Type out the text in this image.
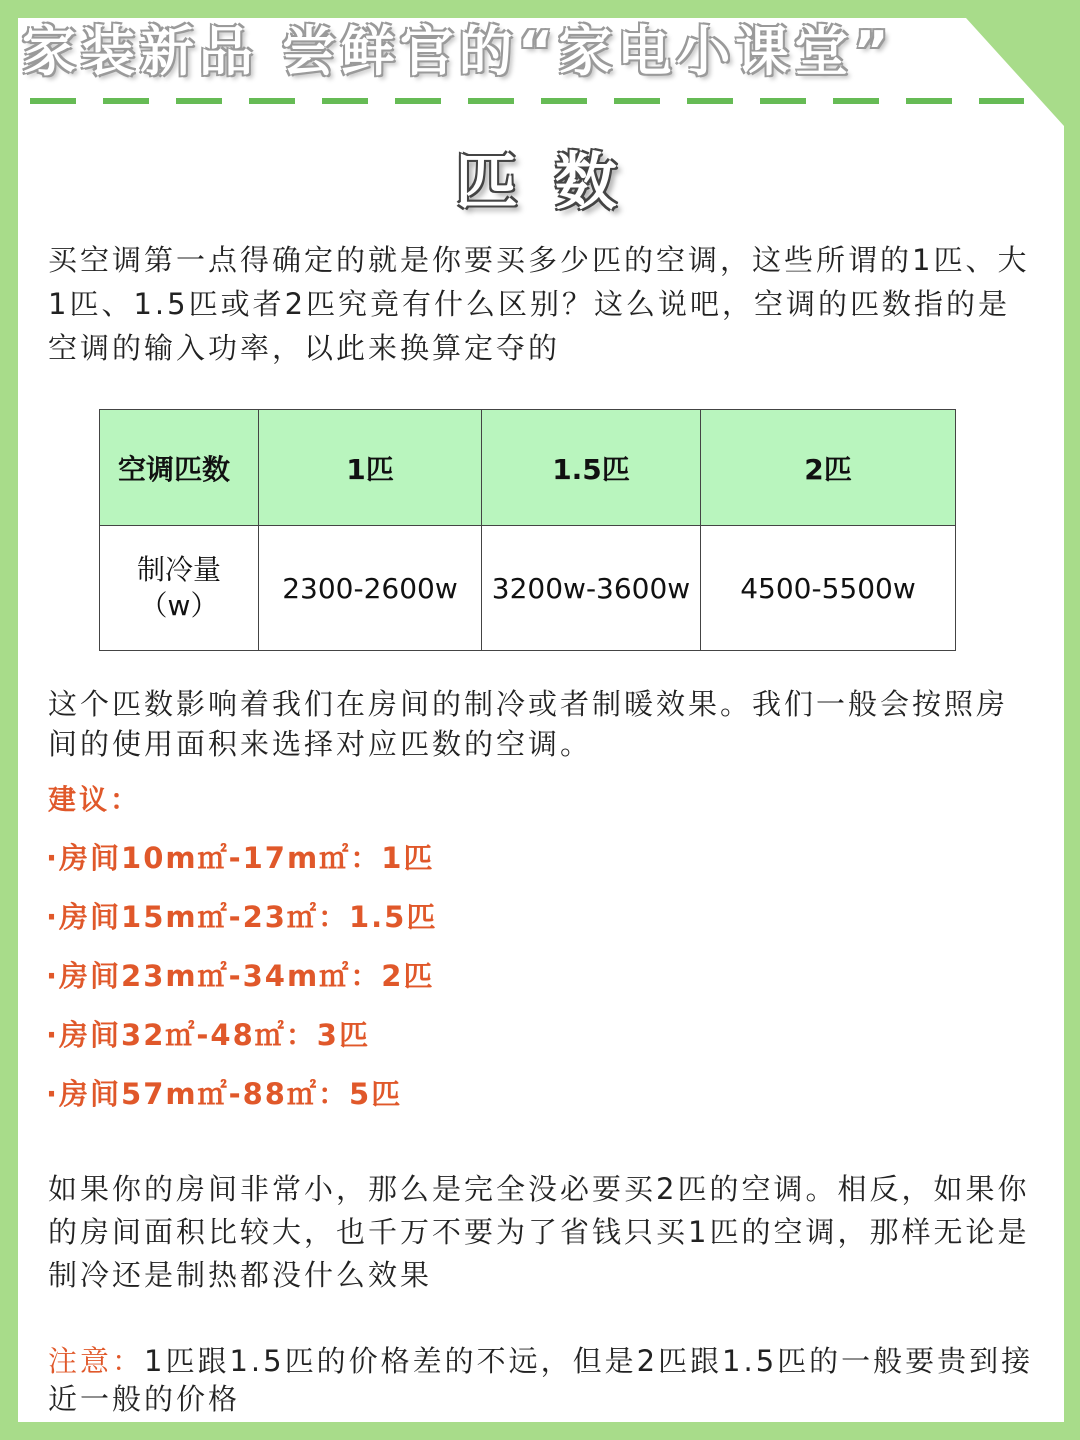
家装新品 尝鲜官的“家电小课堂”
匹 数

买空调第一点得确定的就是你要买多少匹的空调，这些所谓的1匹、大1匹、1.5匹或者2匹究竟有什么区别？这么说吧，空调的匹数指的是空调的输入功率，以此来换算定夺的

空调匹数	1匹	1.5匹	2匹
制冷量
（w）	2300-2600w	3200w-3600w	4500-5500w

这个匹数影响着我们在房间的制冷或者制暖效果。我们一般会按照房间的使用面积来选择对应匹数的空调。

建议：
·房间10m㎡-17m㎡：1匹
·房间15m㎡-23㎡：1.5匹
·房间23m㎡-34m㎡：2匹
·房间32㎡-48㎡：3匹
·房间57m㎡-88㎡：5匹

如果你的房间非常小，那么是完全没必要买2匹的空调。相反，如果你的房间面积比较大，也千万不要为了省钱只买1匹的空调，那样无论是制冷还是制热都没什么效果

注意：1匹跟1.5匹的价格差的不远，但是2匹跟1.5匹的一般要贵到接近一般的价格
